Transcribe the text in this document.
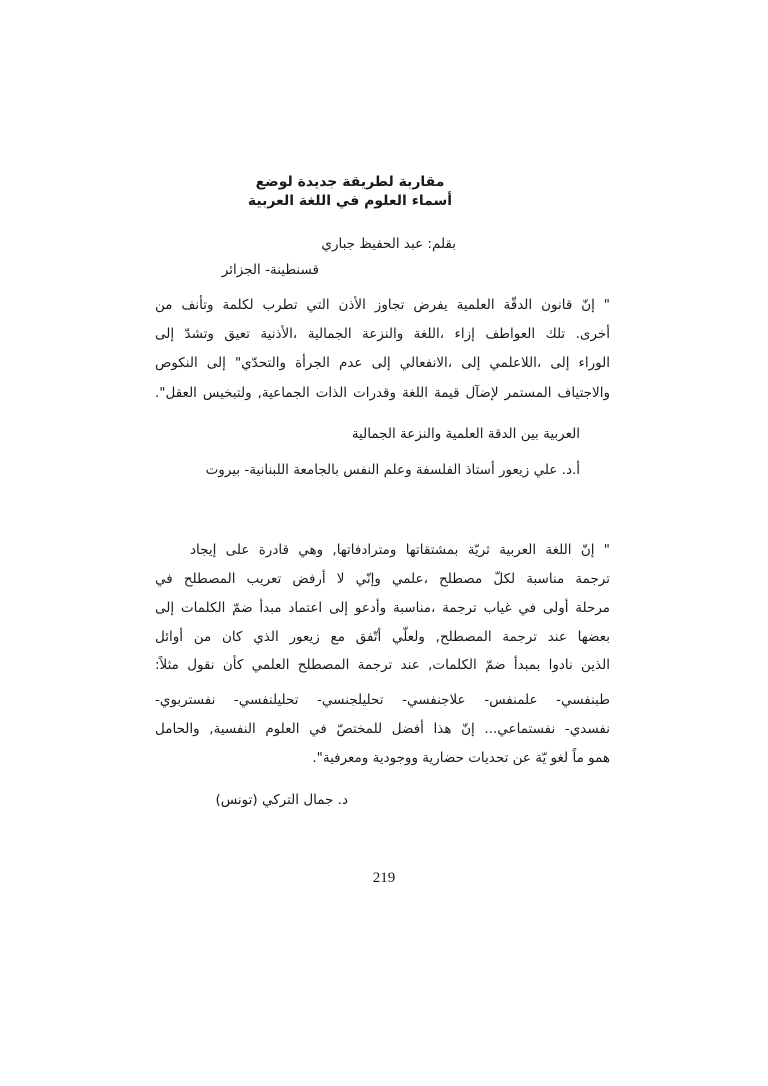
مقاربة لطريقة جديدة لوضع
أسماء العلوم في اللغة العربية
بقلم: عبد الحفيظ جباري
قسنطينة- الجزائر
" إنّ قانون الدقّة العلمية يفرض تجاوز الأذن التي تطرب لكلمة وتأنف من
أخرى. تلك العواطف إزاء ،اللغة والنزعة الجمالية ،الأذنية تعيق وتشدّ إلى
الوراء إلى ،اللاعلمي إلى ،الانفعالي إلى عدم الجرأة والتحدّي" إلى النكوص
والاجتياف المستمر لإضآل قيمة اللغة وقدرات الذات الجماعية, ولتبخيس العقل".
العربية بين الدقة العلمية والنزعة الجمالية
أ.د. علي زيعور أستاذ الفلسفة وعلم النفس بالجامعة اللبنانية- بيروت
" إنّ اللغة العربية ثريّة بمشتقاتها ومترادفاتها, وهي قادرة على إيجاد
ترجمة مناسبة لكلّ مصطلح ،علمي وإنّي لا أرفض تعريب المصطلح في
مرحلة أولى في غياب ترجمة ،مناسبة وأدعو إلى اعتماد مبدأ ضمّ الكلمات إلى
بعضها عند ترجمة المصطلح, ولعلّي أتّفق مع زيعور الذي كان من أوائل
الذين نادوا بمبدأ ضمّ الكلمات, عند ترجمة المصطلح العلمي كأن نقول مثلاً:
طبنفسي- علمنفس- علاجنفسي- تحليلجنسي- تحليلنفسي- نفستربوي-
نفسدي- نفستماعي... إنّ هذا أفضل للمختصّ في العلوم النفسية, والحامل
همو ماً لغو يّة عن تحديات حضارية ووجودية ومعرفية".
د. جمال التركي (تونس)
219
